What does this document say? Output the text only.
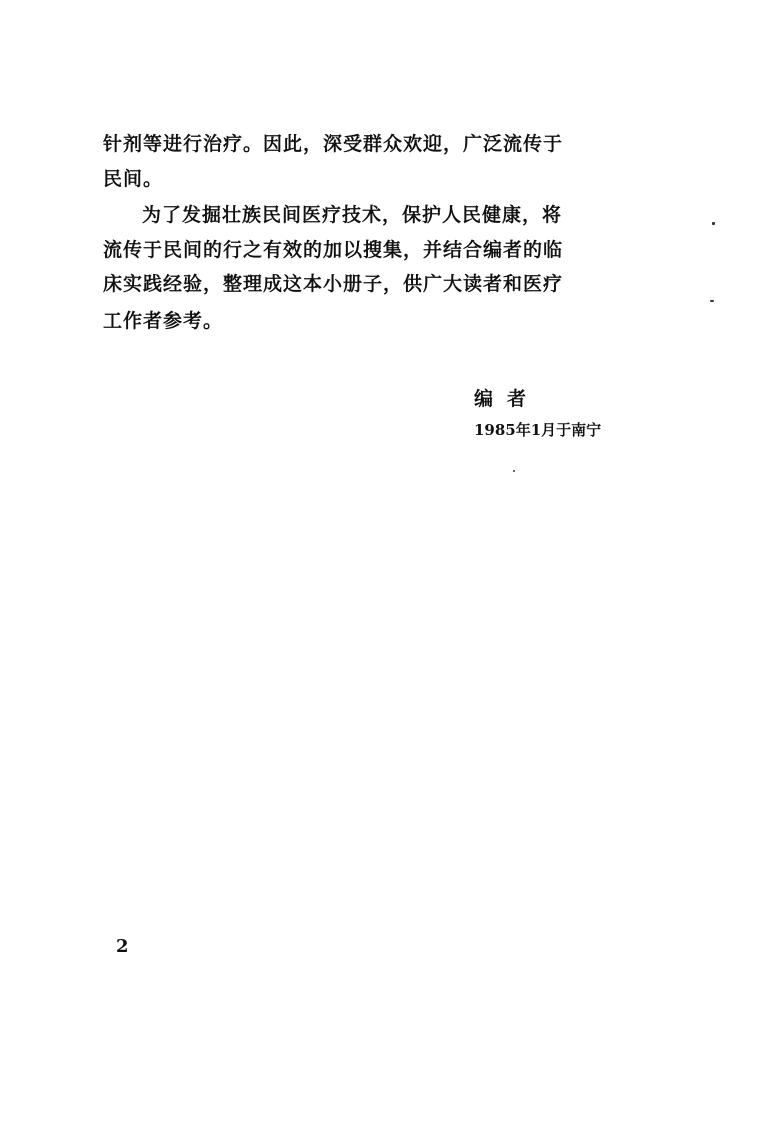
针剂等进行治疗。因此，深受群众欢迎，广泛流传于
民间。
为了发掘壮族民间医疗技术，保护人民健康，将
流传于民间的行之有效的加以搜集，并结合编者的临
床实践经验，整理成这本小册子，供广大读者和医疗
工作者参考。
编者
1985年1月于南宁
2
